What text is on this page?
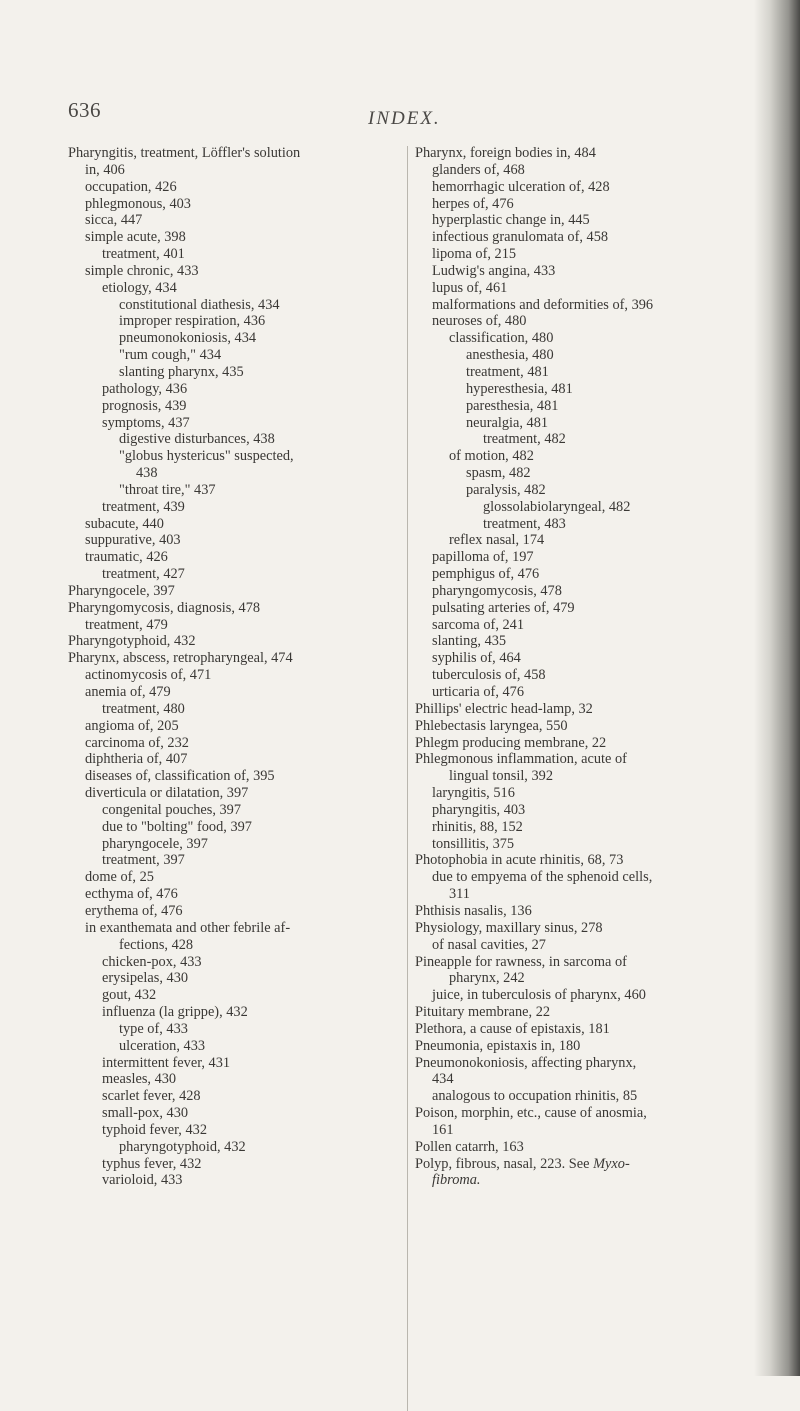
636	INDEX.
Pharyngitis, treatment, Löffler's solution
in, 406
occupation, 426
phlegmonous, 403
sicca, 447
simple acute, 398
treatment, 401
simple chronic, 433
etiology, 434
constitutional diathesis, 434
improper respiration, 436
pneumonokoniosis, 434
"rum cough," 434
slanting pharynx, 435
pathology, 436
prognosis, 439
symptoms, 437
digestive disturbances, 438
"globus hystericus" suspected,
438
"throat tire," 437
treatment, 439
subacute, 440
suppurative, 403
traumatic, 426
treatment, 427
Pharyngocele, 397
Pharyngomycosis, diagnosis, 478
treatment, 479
Pharyngotyphoid, 432
Pharynx, abscess, retropharyngeal, 474
actinomycosis of, 471
anemia of, 479
treatment, 480
angioma of, 205
carcinoma of, 232
diphtheria of, 407
diseases of, classification of, 395
diverticula or dilatation, 397
congenital pouches, 397
due to "bolting" food, 397
pharyngocele, 397
treatment, 397
dome of, 25
ecthyma of, 476
erythema of, 476
in exanthemata and other febrile af-
fections, 428
chicken-pox, 433
erysipelas, 430
gout, 432
influenza (la grippe), 432
type of, 433
ulceration, 433
intermittent fever, 431
measles, 430
scarlet fever, 428
small-pox, 430
typhoid fever, 432
pharyngotyphoid, 432
typhus fever, 432
varioloid, 433
Pharynx, foreign bodies in, 484
glanders of, 468
hemorrhagic ulceration of, 428
herpes of, 476
hyperplastic change in, 445
infectious granulomata of, 458
lipoma of, 215
Ludwig's angina, 433
lupus of, 461
malformations and deformities of, 396
neuroses of, 480
classification, 480
anesthesia, 480
treatment, 481
hyperesthesia, 481
paresthesia, 481
neuralgia, 481
treatment, 482
of motion, 482
spasm, 482
paralysis, 482
glossolabiolaryngeal, 482
treatment, 483
reflex nasal, 174
papilloma of, 197
pemphigus of, 476
pharyngomycosis, 478
pulsating arteries of, 479
sarcoma of, 241
slanting, 435
syphilis of, 464
tuberculosis of, 458
urticaria of, 476
Phillips' electric head-lamp, 32
Phlebectasis laryngea, 550
Phlegm producing membrane, 22
Phlegmonous inflammation, acute of
lingual tonsil, 392
laryngitis, 516
pharyngitis, 403
rhinitis, 88, 152
tonsillitis, 375
Photophobia in acute rhinitis, 68, 73
due to empyema of the sphenoid cells,
311
Phthisis nasalis, 136
Physiology, maxillary sinus, 278
of nasal cavities, 27
Pineapple for rawness, in sarcoma of
pharynx, 242
juice, in tuberculosis of pharynx, 460
Pituitary membrane, 22
Plethora, a cause of epistaxis, 181
Pneumonia, epistaxis in, 180
Pneumonokoniosis, affecting pharynx,
434
analogous to occupation rhinitis, 85
Poison, morphin, etc., cause of anosmia,
161
Pollen catarrh, 163
Polyp, fibrous, nasal, 223. See Myxo-
fibroma.
